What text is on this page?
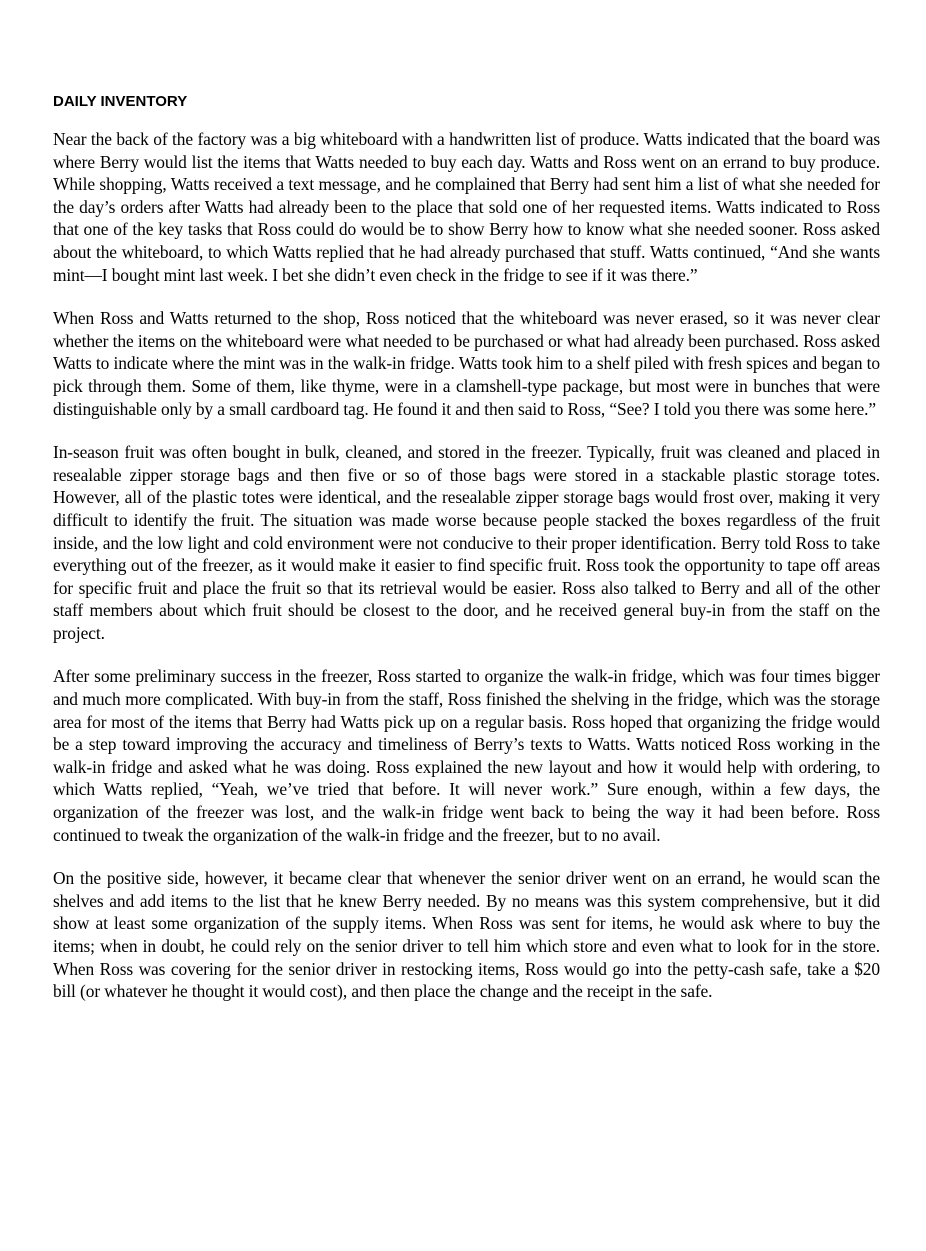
DAILY INVENTORY

Near the back of the factory was a big whiteboard with a handwritten list of produce. Watts indicated that the board was where Berry would list the items that Watts needed to buy each day. Watts and Ross went on an errand to buy produce. While shopping, Watts received a text message, and he complained that Berry had sent him a list of what she needed for the day’s orders after Watts had already been to the place that sold one of her requested items. Watts indicated to Ross that one of the key tasks that Ross could do would be to show Berry how to know what she needed sooner. Ross asked about the whiteboard, to which Watts replied that he had already purchased that stuff. Watts continued, “And she wants mint—I bought mint last week. I bet she didn’t even check in the fridge to see if it was there.”

When Ross and Watts returned to the shop, Ross noticed that the whiteboard was never erased, so it was never clear whether the items on the whiteboard were what needed to be purchased or what had already been purchased. Ross asked Watts to indicate where the mint was in the walk-in fridge. Watts took him to a shelf piled with fresh spices and began to pick through them. Some of them, like thyme, were in a clamshell-type package, but most were in bunches that were distinguishable only by a small cardboard tag. He found it and then said to Ross, “See? I told you there was some here.”

In-season fruit was often bought in bulk, cleaned, and stored in the freezer. Typically, fruit was cleaned and placed in resealable zipper storage bags and then five or so of those bags were stored in a stackable plastic storage totes. However, all of the plastic totes were identical, and the resealable zipper storage bags would frost over, making it very difficult to identify the fruit. The situation was made worse because people stacked the boxes regardless of the fruit inside, and the low light and cold environment were not conducive to their proper identification. Berry told Ross to take everything out of the freezer, as it would make it easier to find specific fruit. Ross took the opportunity to tape off areas for specific fruit and place the fruit so that its retrieval would be easier. Ross also talked to Berry and all of the other staff members about which fruit should be closest to the door, and he received general buy-in from the staff on the project.

After some preliminary success in the freezer, Ross started to organize the walk-in fridge, which was four times bigger and much more complicated. With buy-in from the staff, Ross finished the shelving in the fridge, which was the storage area for most of the items that Berry had Watts pick up on a regular basis. Ross hoped that organizing the fridge would be a step toward improving the accuracy and timeliness of Berry’s texts to Watts. Watts noticed Ross working in the walk-in fridge and asked what he was doing. Ross explained the new layout and how it would help with ordering, to which Watts replied, “Yeah, we’ve tried that before. It will never work.” Sure enough, within a few days, the organization of the freezer was lost, and the walk-in fridge went back to being the way it had been before. Ross continued to tweak the organization of the walk-in fridge and the freezer, but to no avail.

On the positive side, however, it became clear that whenever the senior driver went on an errand, he would scan the shelves and add items to the list that he knew Berry needed. By no means was this system comprehensive, but it did show at least some organization of the supply items. When Ross was sent for items, he would ask where to buy the items; when in doubt, he could rely on the senior driver to tell him which store and even what to look for in the store. When Ross was covering for the senior driver in restocking items, Ross would go into the petty-cash safe, take a $20 bill (or whatever he thought it would cost), and then place the change and the receipt in the safe.
